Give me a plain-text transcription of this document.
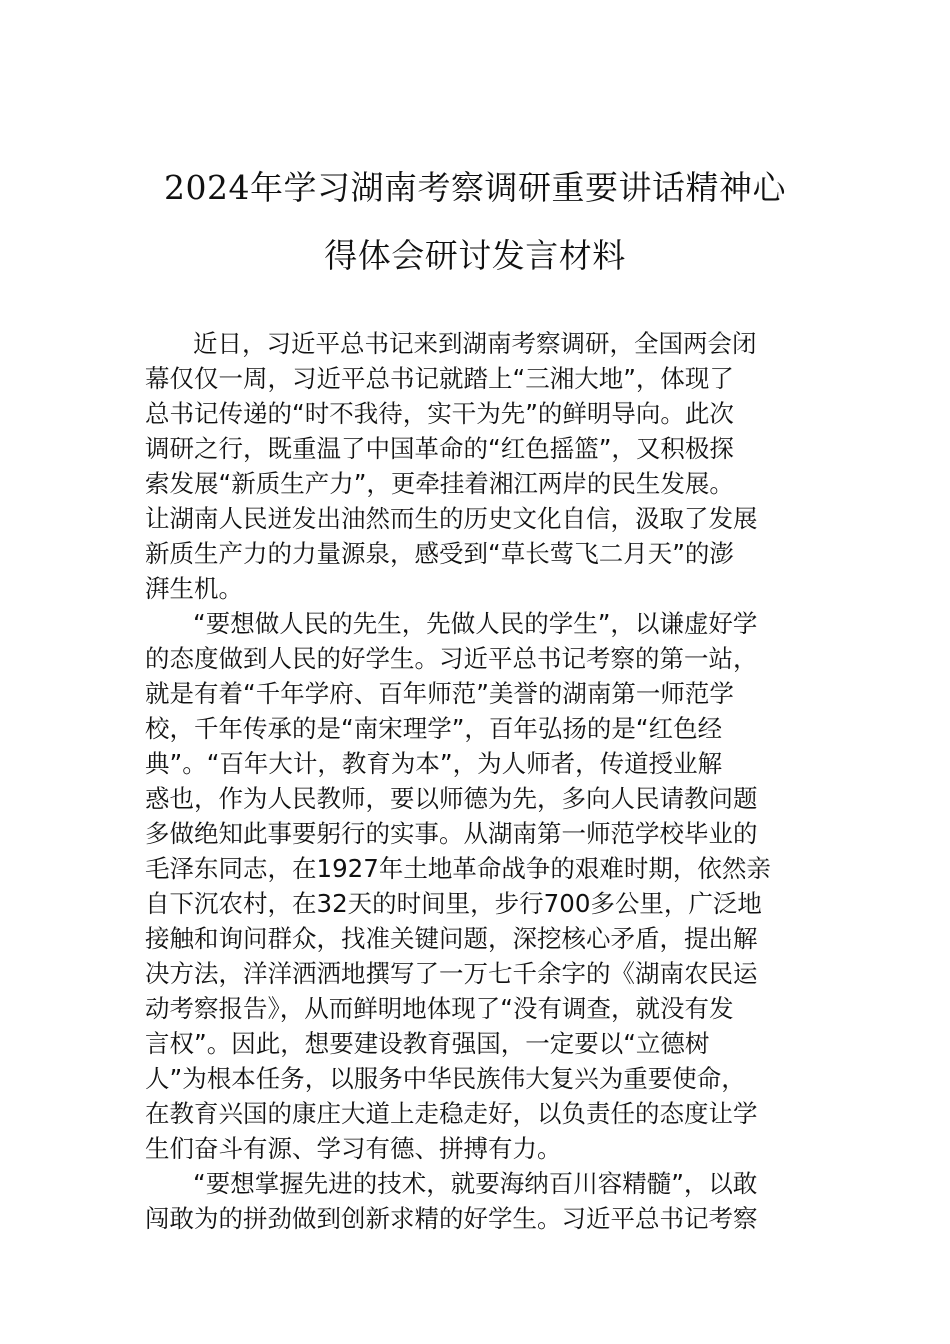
2024年学习湖南考察调研重要讲话精神心
得体会研讨发言材料
近日，习近平总书记来到湖南考察调研，全国两会闭
幕仅仅一周，习近平总书记就踏上“三湘大地”，体现了
总书记传递的“时不我待，实干为先”的鲜明导向。此次
调研之行，既重温了中国革命的“红色摇篮”，又积极探
索发展“新质生产力”，更牵挂着湘江两岸的民生发展。
让湖南人民迸发出油然而生的历史文化自信，汲取了发展
新质生产力的力量源泉，感受到“草长莺飞二月天”的澎
湃生机。
“要想做人民的先生，先做人民的学生”，以谦虚好学
的态度做到人民的好学生。习近平总书记考察的第一站，
就是有着“千年学府、百年师范”美誉的湖南第一师范学
校，千年传承的是“南宋理学”，百年弘扬的是“红色经
典”。“百年大计，教育为本”，为人师者，传道授业解
惑也，作为人民教师，要以师德为先，多向人民请教问题
多做绝知此事要躬行的实事。从湖南第一师范学校毕业的
毛泽东同志，在1927年土地革命战争的艰难时期，依然亲
自下沉农村，在32天的时间里，步行700多公里，广泛地
接触和询问群众，找准关键问题，深挖核心矛盾，提出解
决方法，洋洋洒洒地撰写了一万七千余字的《湖南农民运
动考察报告》，从而鲜明地体现了“没有调查，就没有发
言权”。因此，想要建设教育强国，一定要以“立德树
人”为根本任务，以服务中华民族伟大复兴为重要使命，
在教育兴国的康庄大道上走稳走好，以负责任的态度让学
生们奋斗有源、学习有德、拼搏有力。
“要想掌握先进的技术，就要海纳百川容精髓”，以敢
闯敢为的拼劲做到创新求精的好学生。习近平总书记考察
